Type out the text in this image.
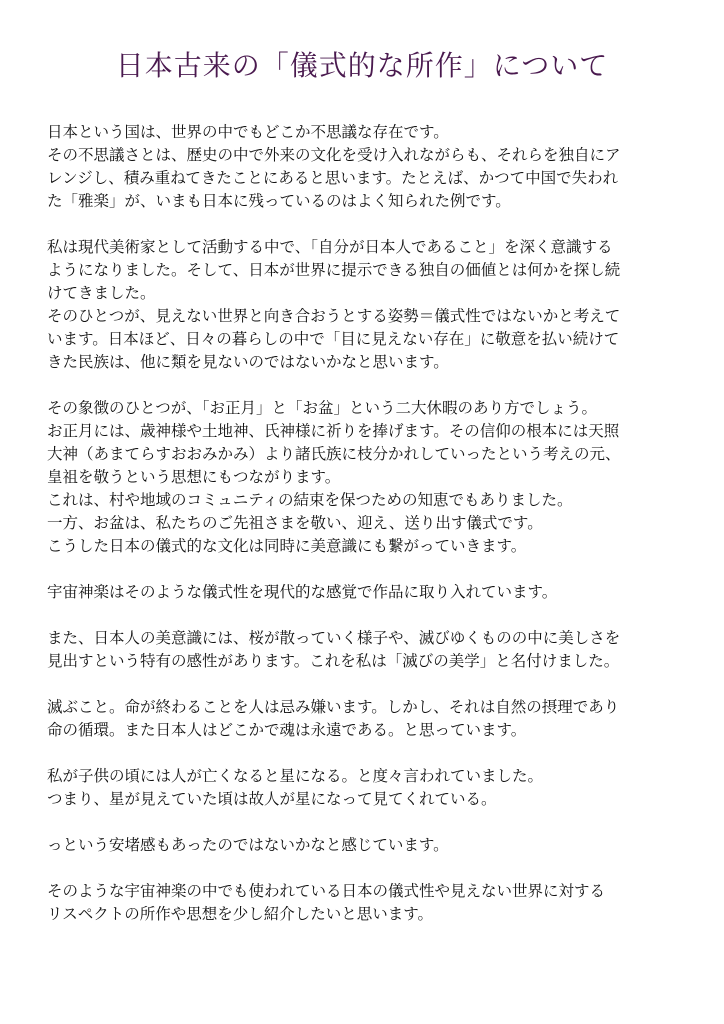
日本古来の「儀式的な所作」について
日本という国は、世界の中でもどこか不思議な存在です。
その不思議さとは、歴史の中で外来の文化を受け入れながらも、それらを独自にア
レンジし、積み重ねてきたことにあると思います。たとえば、かつて中国で失われ
た「雅楽」が、いまも日本に残っているのはよく知られた例です。
私は現代美術家として活動する中で、「自分が日本人であること」を深く意識する
ようになりました。そして、日本が世界に提示できる独自の価値とは何かを探し続
けてきました。
そのひとつが、見えない世界と向き合おうとする姿勢＝儀式性ではないかと考えて
います。日本ほど、日々の暮らしの中で「目に見えない存在」に敬意を払い続けて
きた民族は、他に類を見ないのではないかなと思います。
その象徴のひとつが、「お正月」と「お盆」という二大休暇のあり方でしょう。
お正月には、歳神様や土地神、氏神様に祈りを捧げます。その信仰の根本には天照
大神（あまてらすおおみかみ）より諸氏族に枝分かれしていったという考えの元、
皇祖を敬うという思想にもつながります。
これは、村や地域のコミュニティの結束を保つための知恵でもありました。
一方、お盆は、私たちのご先祖さまを敬い、迎え、送り出す儀式です。
こうした日本の儀式的な文化は同時に美意識にも繋がっていきます。
宇宙神楽はそのような儀式性を現代的な感覚で作品に取り入れています。
また、日本人の美意識には、桜が散っていく様子や、滅びゆくものの中に美しさを
見出すという特有の感性があります。これを私は「滅びの美学」と名付けました。
滅ぶこと。命が終わることを人は忌み嫌います。しかし、それは自然の摂理であり
命の循環。また日本人はどこかで魂は永遠である。と思っています。
私が子供の頃には人が亡くなると星になる。と度々言われていました。
つまり、星が見えていた頃は故人が星になって見てくれている。
っという安堵感もあったのではないかなと感じています。
そのような宇宙神楽の中でも使われている日本の儀式性や見えない世界に対する
リスペクトの所作や思想を少し紹介したいと思います。
